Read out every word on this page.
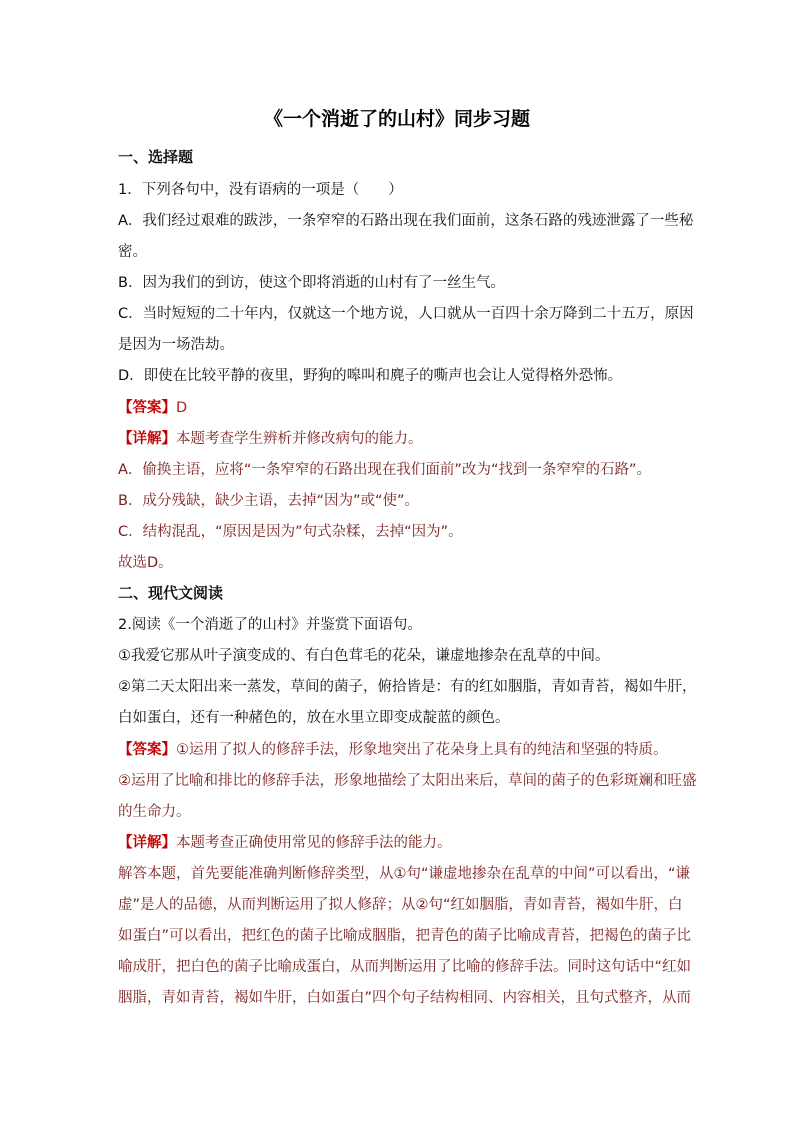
《一个消逝了的山村》同步习题
一、选择题
1．下列各句中，没有语病的一项是（　　）
A．我们经过艰难的跋涉，一条窄窄的石路出现在我们面前，这条石路的残迹泄露了一些秘
密。
B．因为我们的到访，使这个即将消逝的山村有了一丝生气。
C．当时短短的二十年内，仅就这一个地方说，人口就从一百四十余万降到二十五万，原因
是因为一场浩劫。
D．即使在比较平静的夜里，野狗的嗥叫和麂子的嘶声也会让人觉得格外恐怖。
【答案】D
【详解】本题考查学生辨析并修改病句的能力。
A．偷换主语，应将“一条窄窄的石路出现在我们面前”改为“找到一条窄窄的石路”。
B．成分残缺，缺少主语，去掉“因为”或“使”。
C．结构混乱，“原因是因为”句式杂糅，去掉“因为”。
故选D。
二、现代文阅读
2.阅读《一个消逝了的山村》并鉴赏下面语句。
①我爱它那从叶子演变成的、有白色茸毛的花朵，谦虚地掺杂在乱草的中间。
②第二天太阳出来一蒸发，草间的菌子，俯拾皆是：有的红如胭脂，青如青苔，褐如牛肝，
白如蛋白，还有一种赭色的，放在水里立即变成靛蓝的颜色。
【答案】①运用了拟人的修辞手法，形象地突出了花朵身上具有的纯洁和坚强的特质。
②运用了比喻和排比的修辞手法，形象地描绘了太阳出来后，草间的菌子的色彩斑斓和旺盛
的生命力。
【详解】本题考查正确使用常见的修辞手法的能力。
解答本题，首先要能准确判断修辞类型，从①句“谦虚地掺杂在乱草的中间”可以看出，“谦
虚”是人的品德，从而判断运用了拟人修辞；从②句“红如胭脂，青如青苔，褐如牛肝，白
如蛋白”可以看出，把红色的菌子比喻成胭脂，把青色的菌子比喻成青苔，把褐色的菌子比
喻成肝，把白色的菌子比喻成蛋白，从而判断运用了比喻的修辞手法。同时这句话中“红如
胭脂，青如青苔，褐如牛肝，白如蛋白”四个句子结构相同、内容相关，且句式整齐，从而
